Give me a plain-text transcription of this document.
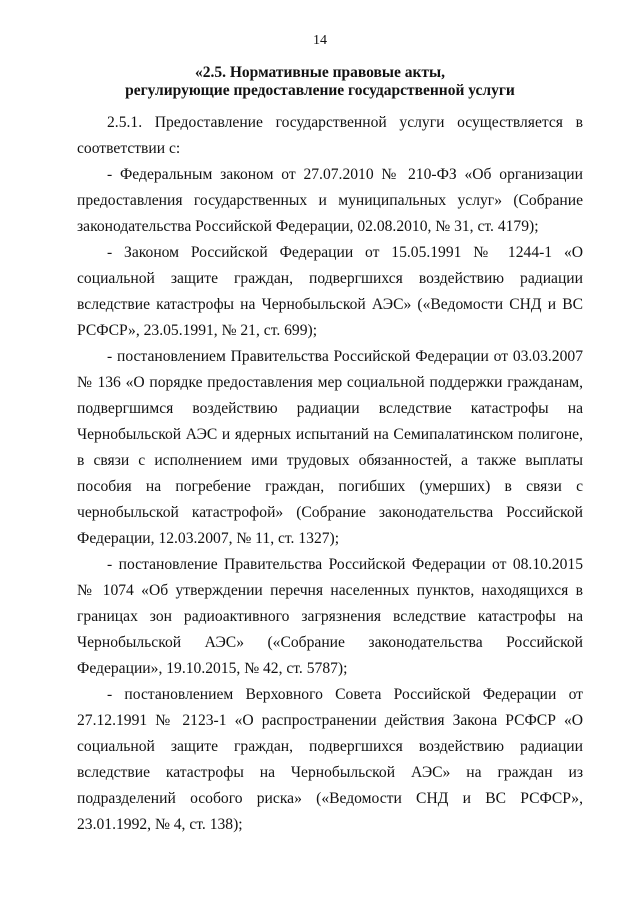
14
«2.5. Нормативные правовые акты,
регулирующие предоставление государственной услуги

2.5.1. Предоставление государственной услуги осуществляется в соответствии с:

- Федеральным законом от 27.07.2010 № 210-ФЗ «Об организации предоставления государственных и муниципальных услуг» (Собрание законодательства Российской Федерации, 02.08.2010, № 31, ст. 4179);

- Законом Российской Федерации от 15.05.1991 № 1244-1 «О социальной защите граждан, подвергшихся воздействию радиации вследствие катастрофы на Чернобыльской АЭС» («Ведомости СНД и ВС РСФСР», 23.05.1991, № 21, ст. 699);

- постановлением Правительства Российской Федерации от 03.03.2007 № 136 «О порядке предоставления мер социальной поддержки гражданам, подвергшимся воздействию радиации вследствие катастрофы на Чернобыльской АЭС и ядерных испытаний на Семипалатинском полигоне, в связи с исполнением ими трудовых обязанностей, а также выплаты пособия на погребение граждан, погибших (умерших) в связи с чернобыльской катастрофой» (Собрание законодательства Российской Федерации, 12.03.2007, № 11, ст. 1327);

- постановление Правительства Российской Федерации от 08.10.2015 № 1074 «Об утверждении перечня населенных пунктов, находящихся в границах зон радиоактивного загрязнения вследствие катастрофы на Чернобыльской АЭС» («Собрание законодательства Российской Федерации», 19.10.2015, № 42, ст. 5787);

- постановлением Верховного Совета Российской Федерации от 27.12.1991 № 2123-1 «О распространении действия Закона РСФСР «О социальной защите граждан, подвергшихся воздействию радиации вследствие катастрофы на Чернобыльской АЭС» на граждан из подразделений особого риска» («Ведомости СНД и ВС РСФСР», 23.01.1992, № 4, ст. 138);
